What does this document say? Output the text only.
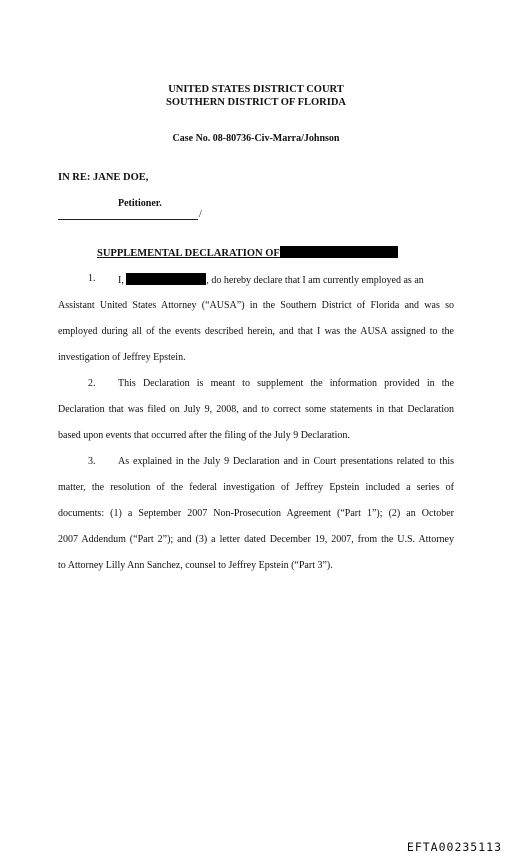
UNITED STATES DISTRICT COURT
SOUTHERN DISTRICT OF FLORIDA
Case No. 08-80736-Civ-Marra/Johnson
IN RE: JANE DOE,
Petitioner.
/
SUPPLEMENTAL DECLARATION OF
1. I,	, do hereby declare that I am currently employed as an
Assistant United States Attorney (“AUSA”) in the Southern District of Florida and was so
employed during all of the events described herein, and that I was the AUSA assigned to the
investigation of Jeffrey Epstein.
2. This Declaration is meant to supplement the information provided in the
Declaration that was filed on July 9, 2008, and to correct some statements in that Declaration
based upon events that occurred after the filing of the July 9 Declaration.
3. As explained in the July 9 Declaration and in Court presentations related to this
matter, the resolution of the federal investigation of Jeffrey Epstein included a series of
documents: (1) a September 2007 Non-Prosecution Agreement (“Part 1”); (2) an October
2007 Addendum (“Part 2”); and (3) a letter dated December 19, 2007, from the U.S. Attorney
to Attorney Lilly Ann Sanchez, counsel to Jeffrey Epstein (“Part 3”).
EFTA00235113
